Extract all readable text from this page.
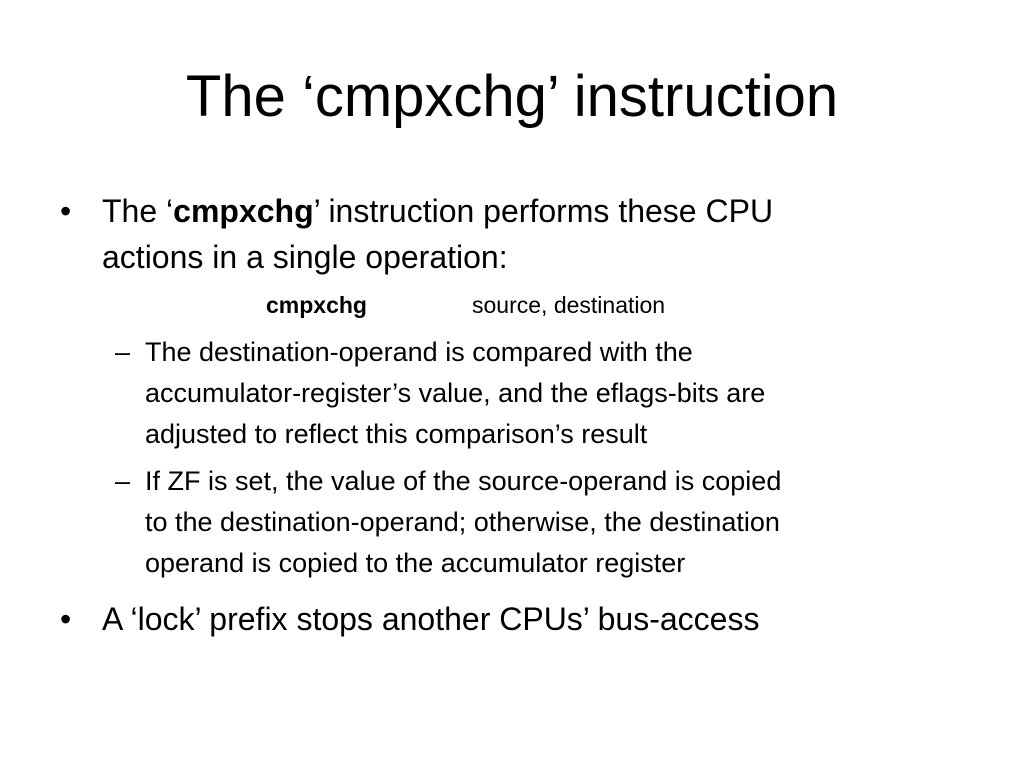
The ‘cmpxchg’ instruction
• The ‘cmpxchg’ instruction performs these CPU
actions in a single operation:
cmpxchg	source, destination
– The destination-operand is compared with the
accumulator-register’s value, and the eflags-bits are
adjusted to reflect this comparison’s result
– If ZF is set, the value of the source-operand is copied
to the destination-operand; otherwise, the destination
operand is copied to the accumulator register
• A ‘lock’ prefix stops another CPUs’ bus-access
